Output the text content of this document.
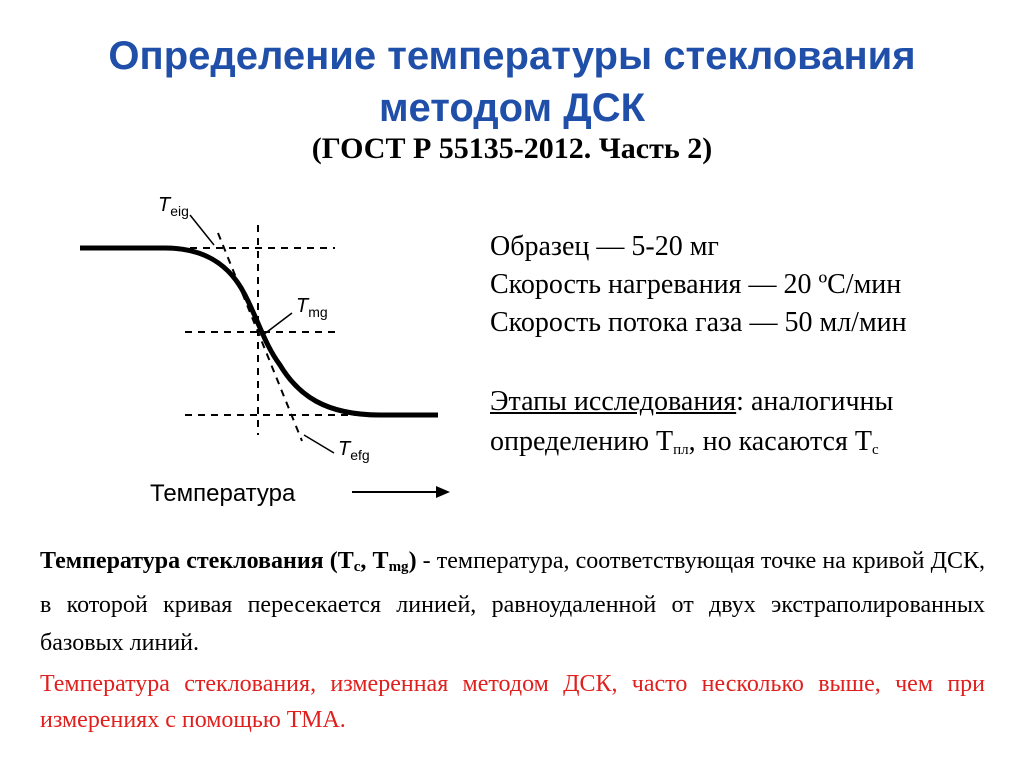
Определение температуры стеклования
методом ДСК
(ГОСТ Р 55135-2012. Часть 2)
$T_{eig}$
$T_{mg}$
$T_{efg}$
Температура
Образец — 5-20 мг
Скорость нагревания — 20 ºС/мин
Скорость потока газа — 50 мл/мин
Этапы исследования: аналогичны определению $Т_{пл}$, но касаются $Т_с$
Температура стеклования ($Т_с$, $Т_{mg}$) - температура, соответствующая точке на кривой ДСК, в которой кривая пересекается линией, равноудаленной от двух экстраполированных базовых линий.
Температура стеклования, измеренная методом ДСК, часто несколько выше, чем при измерениях с помощью ТМА.
